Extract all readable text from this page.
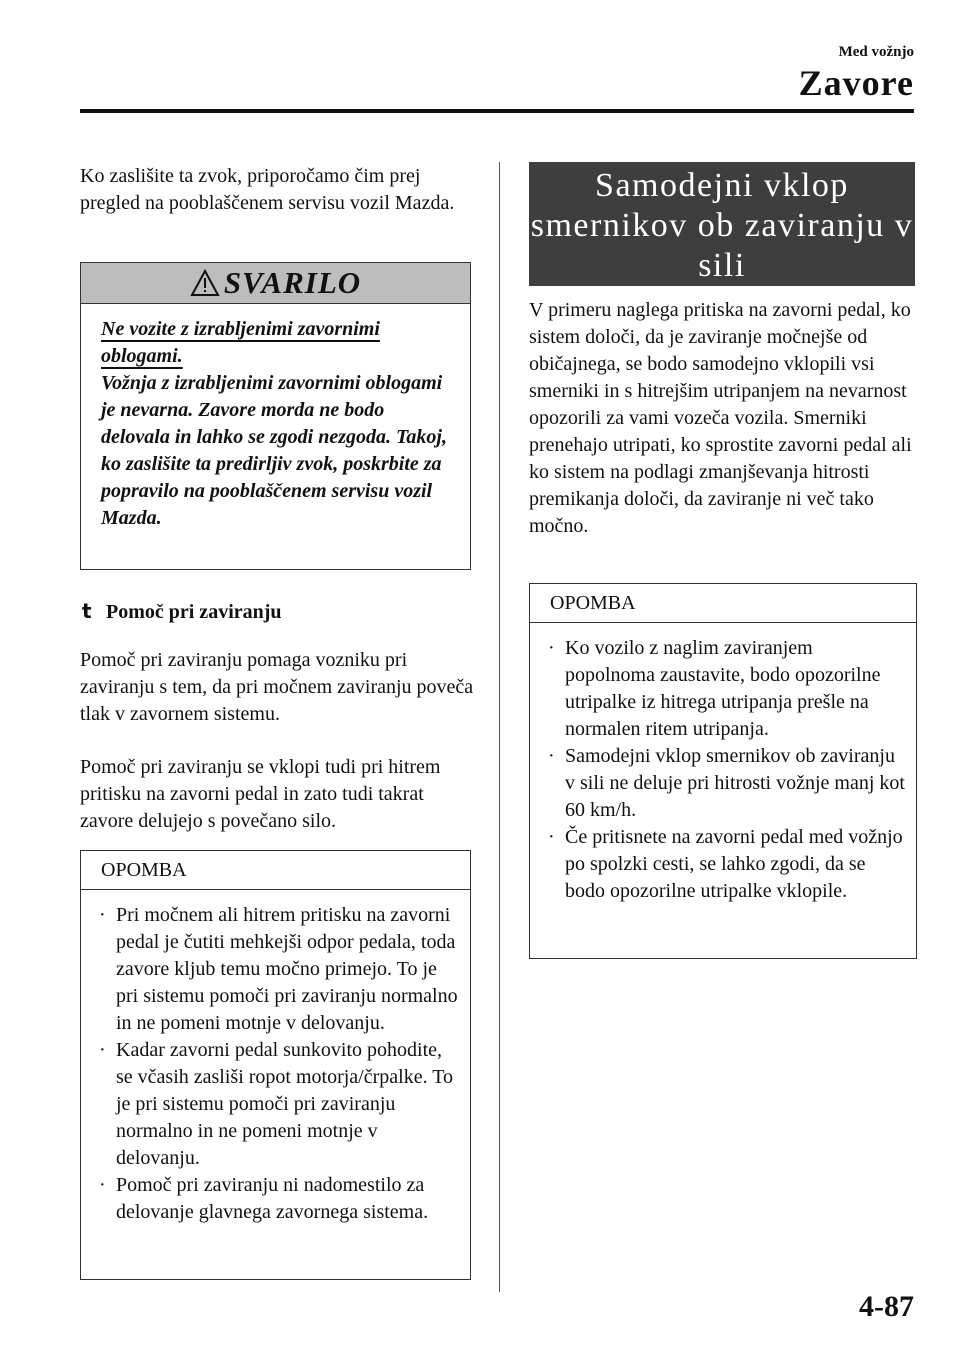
Med vožnjo
Zavore
Ko zaslišite ta zvok, priporočamo čim prej pregled na pooblaščenem servisu vozil Mazda.
SVARILO
Ne vozite z izrabljenimi zavornimi oblogami.
Vožnja z izrabljenimi zavornimi oblogami je nevarna. Zavore morda ne bodo delovala in lahko se zgodi nezgoda. Takoj, ko zaslišite ta predirljiv zvok, poskrbite za popravilo na pooblaščenem servisu vozil Mazda.
t Pomoč pri zaviranju
Pomoč pri zaviranju pomaga vozniku pri zaviranju s tem, da pri močnem zaviranju poveča tlak v zavornem sistemu.
Pomoč pri zaviranju se vklopi tudi pri hitrem pritisku na zavorni pedal in zato tudi takrat zavore delujejo s povečano silo.
OPOMBA

· Pri močnem ali hitrem pritisku na zavorni pedal je čutiti mehkejši odpor pedala, toda zavore kljub temu močno primejo. To je pri sistemu pomoči pri zaviranju normalno in ne pomeni motnje v delovanju.

· Kadar zavorni pedal sunkovito pohodite, se včasih zasliši ropot motorja/črpalke. To je pri sistemu pomoči pri zaviranju normalno in ne pomeni motnje v delovanju.

· Pomoč pri zaviranju ni nadomestilo za delovanje glavnega zavornega sistema.

Samodejni vklop smernikov ob zaviranju v sili
V primeru naglega pritiska na zavorni pedal, ko sistem določi, da je zaviranje močnejše od običajnega, se bodo samodejno vklopili vsi smerniki in s hitrejšim utripanjem na nevarnost opozorili za vami vozeča vozila. Smerniki prenehajo utripati, ko sprostite zavorni pedal ali ko sistem na podlagi zmanjševanja hitrosti premikanja določi, da zaviranje ni več tako močno.
OPOMBA

· Ko vozilo z naglim zaviranjem popolnoma zaustavite, bodo opozorilne utripalke iz hitrega utripanja prešle na normalen ritem utripanja.

· Samodejni vklop smernikov ob zaviranju v sili ne deluje pri hitrosti vožnje manj kot 60 km/h.

· Če pritisnete na zavorni pedal med vožnjo po spolzki cesti, se lahko zgodi, da se bodo opozorilne utripalke vklopile.

4-87
